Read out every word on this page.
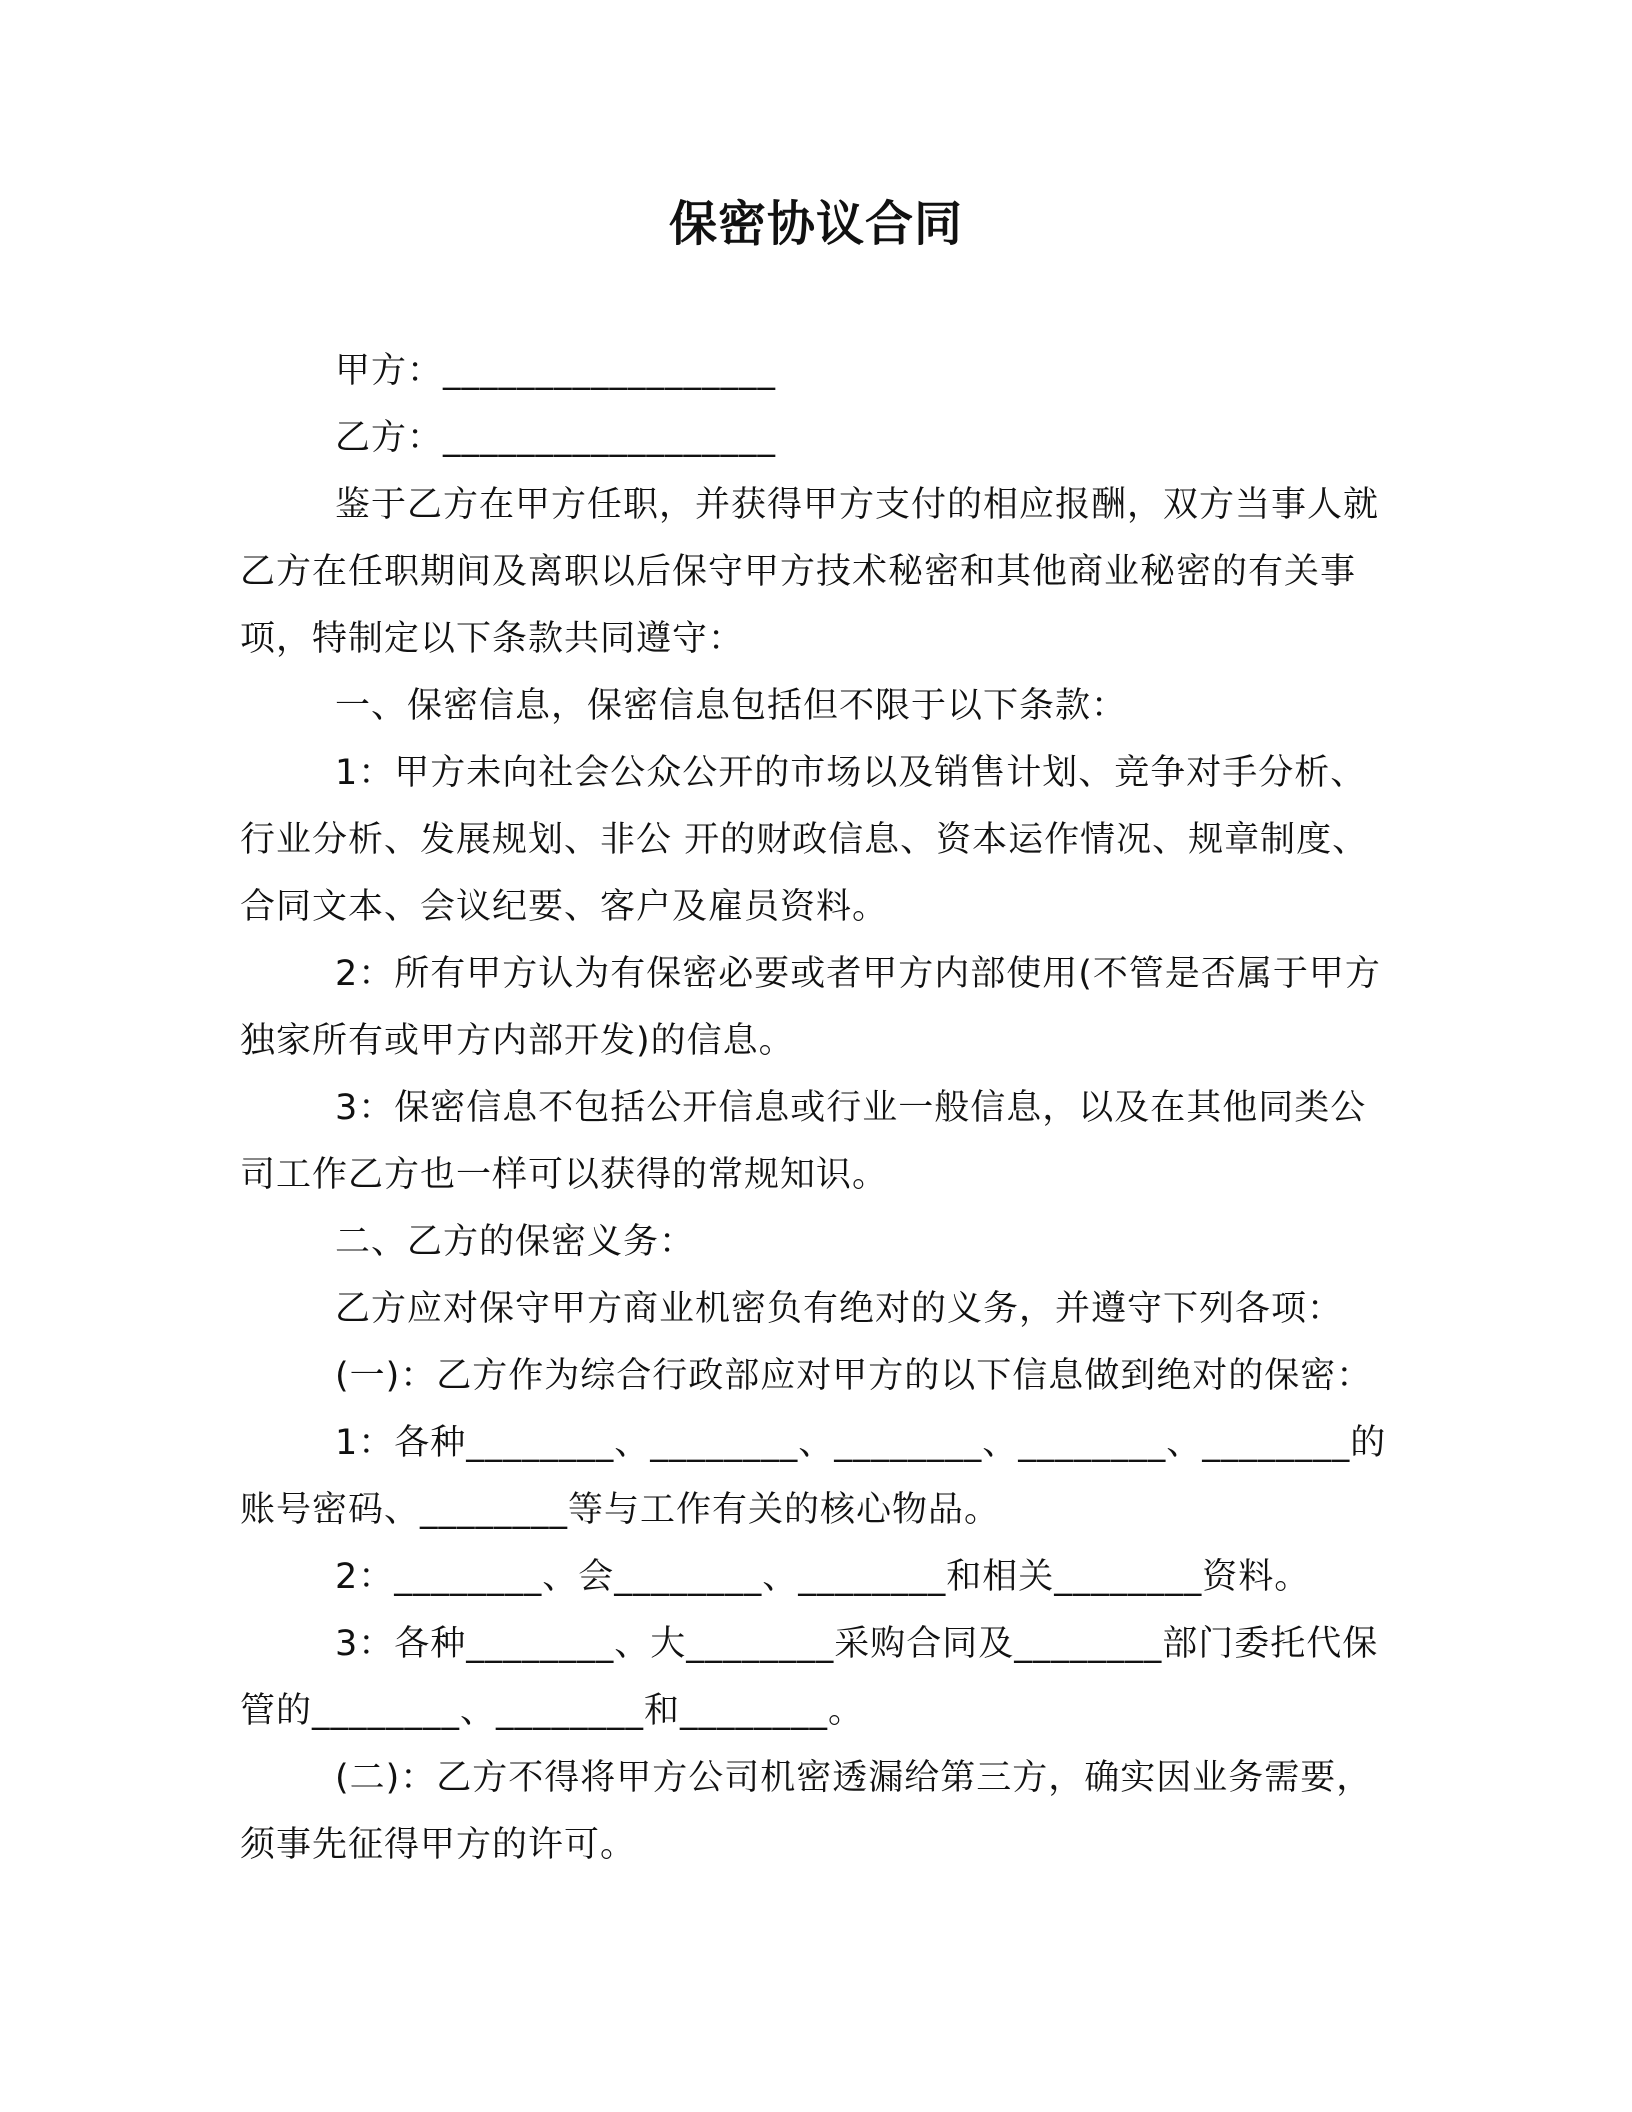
保密协议合同

甲方：__________________

乙方：__________________

鉴于乙方在甲方任职，并获得甲方支付的相应报酬，双方当事人就乙方在任职期间及离职以后保守甲方技术秘密和其他商业秘密的有关事项，特制定以下条款共同遵守：

一、保密信息，保密信息包括但不限于以下条款：

1：甲方未向社会公众公开的市场以及销售计划、竞争对手分析、行业分析、发展规划、非公 开的财政信息、资本运作情况、规章制度、合同文本、会议纪要、客户及雇员资料。

2：所有甲方认为有保密必要或者甲方内部使用(不管是否属于甲方独家所有或甲方内部开发)的信息。

3：保密信息不包括公开信息或行业一般信息，以及在其他同类公司工作乙方也一样可以获得的常规知识。

二、乙方的保密义务：

乙方应对保守甲方商业机密负有绝对的义务，并遵守下列各项：

(一)：乙方作为综合行政部应对甲方的以下信息做到绝对的保密：

1：各种________、________、________、________、________的账号密码、________等与工作有关的核心物品。

2：________、会________、________和相关________资料。

3：各种________、大________采购合同及________部门委托代保管的________、________和________。

(二)：乙方不得将甲方公司机密透漏给第三方，确实因业务需要，须事先征得甲方的许可。
